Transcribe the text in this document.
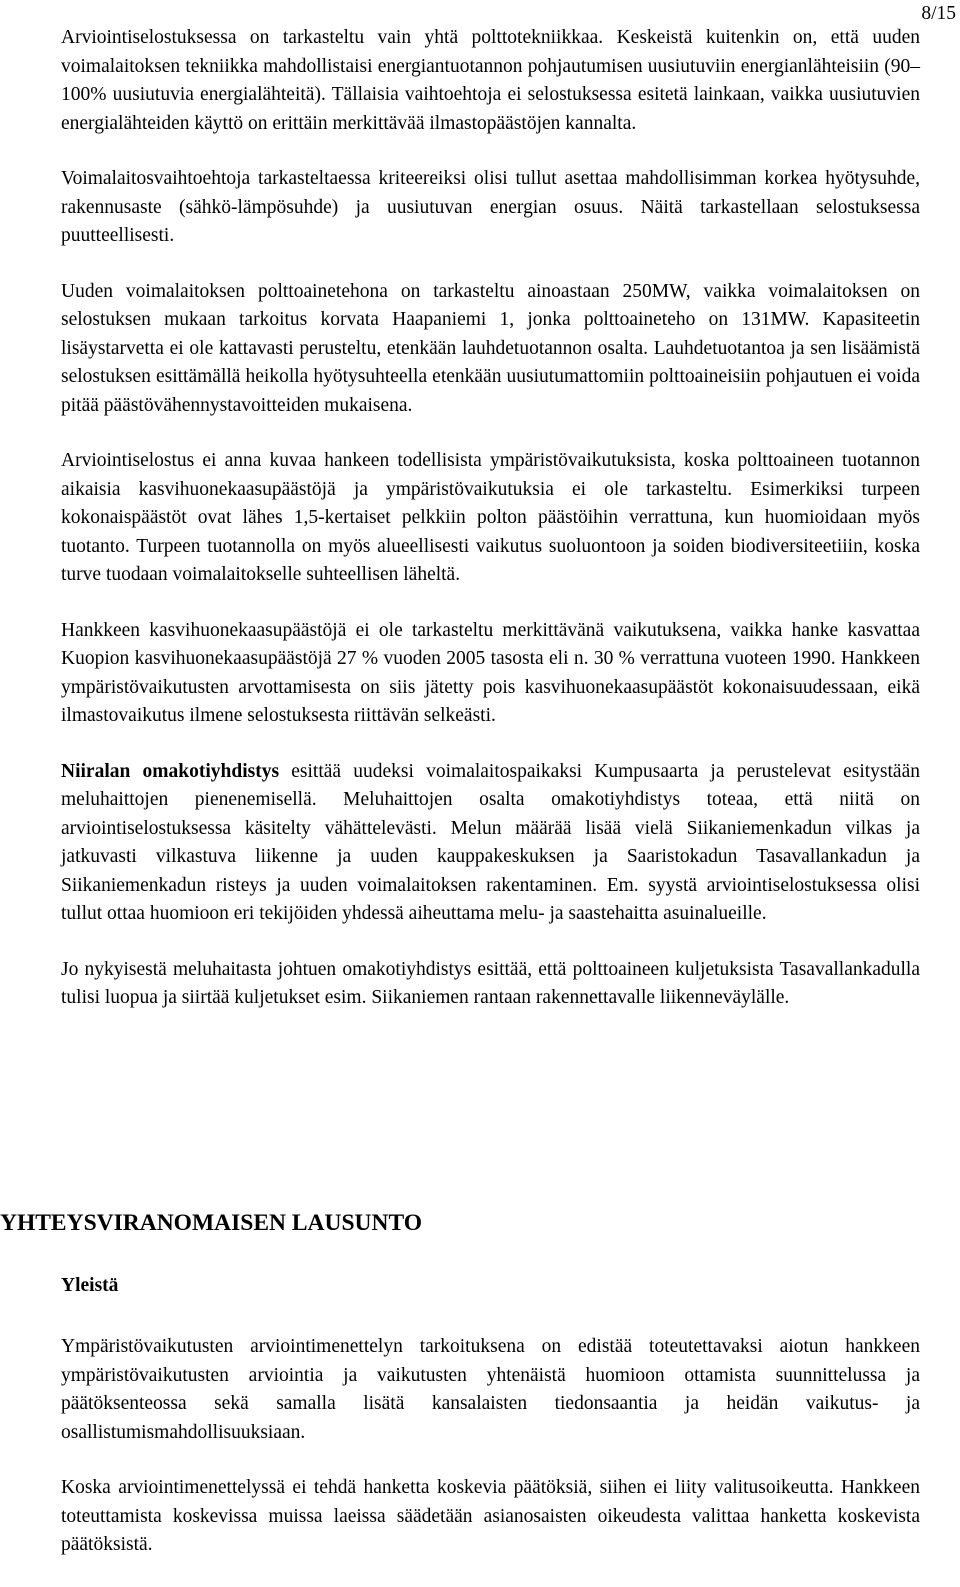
8/15

Arviointiselostuksessa on tarkasteltu vain yhtä polttotekniikkaa. Keskeistä kuitenkin on, että uuden voimalaitoksen tekniikka mahdollistaisi energiantuotannon pohjautumisen uusiutuviin energianlähteisiin (90–100% uusiutuvia energialähteitä). Tällaisia vaihtoehtoja ei selostuksessa esitetä lainkaan, vaikka uusiutuvien energialähteiden käyttö on erittäin merkittävää ilmastopäästöjen kannalta.

Voimalaitosvaihtoehtoja tarkasteltaessa kriteereiksi olisi tullut asettaa mahdollisimman korkea hyötysuhde, rakennusaste (sähkö-lämpösuhde) ja uusiutuvan energian osuus. Näitä tarkastellaan selostuksessa puutteellisesti.

Uuden voimalaitoksen polttoainetehona on tarkasteltu ainoastaan 250MW, vaikka voimalaitoksen on selostuksen mukaan tarkoitus korvata Haapaniemi 1, jonka polttoaineteho on 131MW. Kapasiteetin lisäystarvetta ei ole kattavasti perusteltu, etenkään lauhdetuotannon osalta. Lauhdetuotantoa ja sen lisäämistä selostuksen esittämällä heikolla hyötysuhteella etenkään uusiutumattomiin polttoaineisiin pohjautuen ei voida pitää päästövähennystavoitteiden mukaisena.

Arviointiselostus ei anna kuvaa hankeen todellisista ympäristövaikutuksista, koska polttoaineen tuotannon aikaisia kasvihuonekaasupäästöjä ja ympäristövaikutuksia ei ole tarkasteltu. Esimerkiksi turpeen kokonaispäästöt ovat lähes 1,5-kertaiset pelkkiin polton päästöihin verrattuna, kun huomioidaan myös tuotanto. Turpeen tuotannolla on myös alueellisesti vaikutus suoluontoon ja soiden biodiversiteetiiin, koska turve tuodaan voimalaitokselle suhteellisen läheltä.

Hankkeen kasvihuonekaasupäästöjä ei ole tarkasteltu merkittävänä vaikutuksena, vaikka hanke kasvattaa Kuopion kasvihuonekaasupäästöjä 27 % vuoden 2005 tasosta eli n. 30 % verrattuna vuoteen 1990. Hankkeen ympäristövaikutusten arvottamisesta on siis jätetty pois kasvihuonekaasupäästöt kokonaisuudessaan, eikä ilmastovaikutus ilmene selostuksesta riittävän selkeästi.

Niiralan omakotiyhdistys esittää uudeksi voimalaitospaikaksi Kumpusaarta ja perustelevat esitystään meluhaittojen pienenemisellä. Meluhaittojen osalta omakotiyhdistys toteaa, että niitä on arviointiselostuksessa käsitelty vähättelevästi. Melun määrää lisää vielä Siikaniemenkadun vilkas ja jatkuvasti vilkastuva liikenne ja uuden kauppakeskuksen ja Saaristokadun Tasavallankadun ja Siikaniemenkadun risteys ja uuden voimalaitoksen rakentaminen. Em. syystä arviointiselostuksessa olisi tullut ottaa huomioon eri tekijöiden yhdessä aiheuttama melu- ja saastehaitta asuinalueille.

Jo nykyisestä meluhaitasta johtuen omakotiyhdistys esittää, että polttoaineen kuljetuksista Tasavallankadulla tulisi luopua ja siirtää kuljetukset esim. Siikaniemen rantaan rakennettavalle liikenneväylälle.

YHTEYSVIRANOMAISEN LAUSUNTO
Yleistä

Ympäristövaikutusten arviointimenettelyn tarkoituksena on edistää toteutettavaksi aiotun hankkeen ympäristövaikutusten arviointia ja vaikutusten yhtenäistä huomioon ottamista suunnittelussa ja päätöksenteossa sekä samalla lisätä kansalaisten tiedonsaantia ja heidän vaikutus- ja osallistumismahdollisuuksiaan.

Koska arviointimenettelyssä ei tehdä hanketta koskevia päätöksiä, siihen ei liity valitusoikeutta. Hankkeen toteuttamista koskevissa muissa laeissa säädetään asianosaisten oikeudesta valittaa hanketta koskevista päätöksistä.
